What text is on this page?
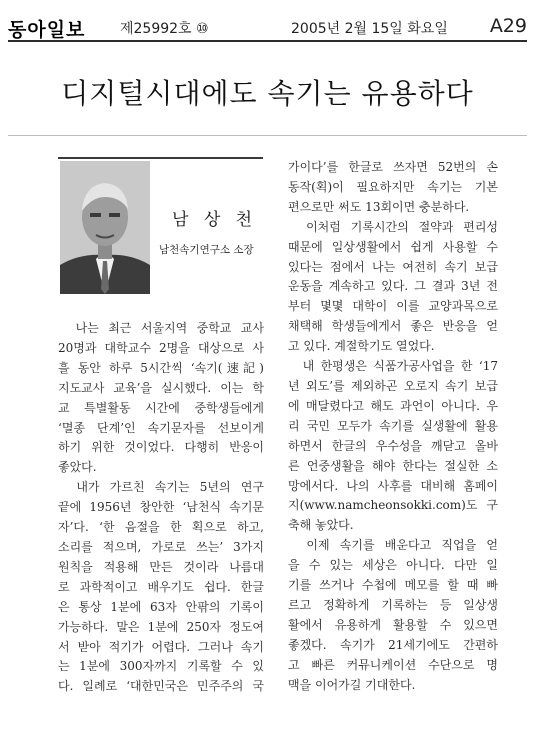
동아일보 제25992호 ⑩	2005년 2월 15일 화요일 A29
디지털시대에도 속기는 유용하다
남 상 천
남천속기연구소 소장

　나는 최근 서울지역 중학교 교사
20명과 대학교수 2명을 대상으로 사
흘 동안 하루 5시간씩 ‘속기(速記)
지도교사 교육’을 실시했다. 이는 학
교 특별활동 시간에 중학생들에게
‘멸종 단계’인 속기문자를 선보이게
하기 위한 것이었다. 다행히 반응이
좋았다.

　내가 가르친 속기는 5년의 연구
끝에 1956년 창안한 ‘남천식 속기문
자’다. ‘한 음절을 한 획으로 하고,
소리를 적으며, 가로로 쓰는’ 3가지
원칙을 적용해 만든 것이라 나름대
로 과학적이고 배우기도 쉽다. 한글
은 통상 1분에 63자 안팎의 기록이
가능하다. 말은 1분에 250자 정도여
서 받아 적기가 어렵다. 그러나 속기
는 1분에 300자까지 기록할 수 있
다. 일례로 ‘대한민국은 민주주의 국

가이다’를 한글로 쓰자면 52번의 손
동작(획)이 필요하지만 속기는 기본
편으로만 써도 13회이면 충분하다.

　이처럼 기록시간의 절약과 편리성
때문에 일상생활에서 쉽게 사용할 수
있다는 점에서 나는 여전히 속기 보급
운동을 계속하고 있다. 그 결과 3년 전
부터 몇몇 대학이 이를 교양과목으로
채택해 학생들에게서 좋은 반응을 얻
고 있다. 계절학기도 열었다.

　내 한평생은 식품가공사업을 한 ‘17
년 외도’를 제외하곤 오로지 속기 보급
에 매달렸다고 해도 과언이 아니다. 우
리 국민 모두가 속기를 실생활에 활용
하면서 한글의 우수성을 깨닫고 올바
른 언중생활을 해야 한다는 절실한 소
망에서다. 나의 사후를 대비해 홈페이
지(www.namcheonsokki.com)도 구
축해 놓았다.

　이제 속기를 배운다고 직업을 얻
을 수 있는 세상은 아니다. 다만 일
기를 쓰거나 수첩에 메모를 할 때 빠
르고 정확하게 기록하는 등 일상생
활에서 유용하게 활용할 수 있으면
좋겠다. 속기가 21세기에도 간편하
고 빠른 커뮤니케이션 수단으로 명
맥을 이어가길 기대한다.
